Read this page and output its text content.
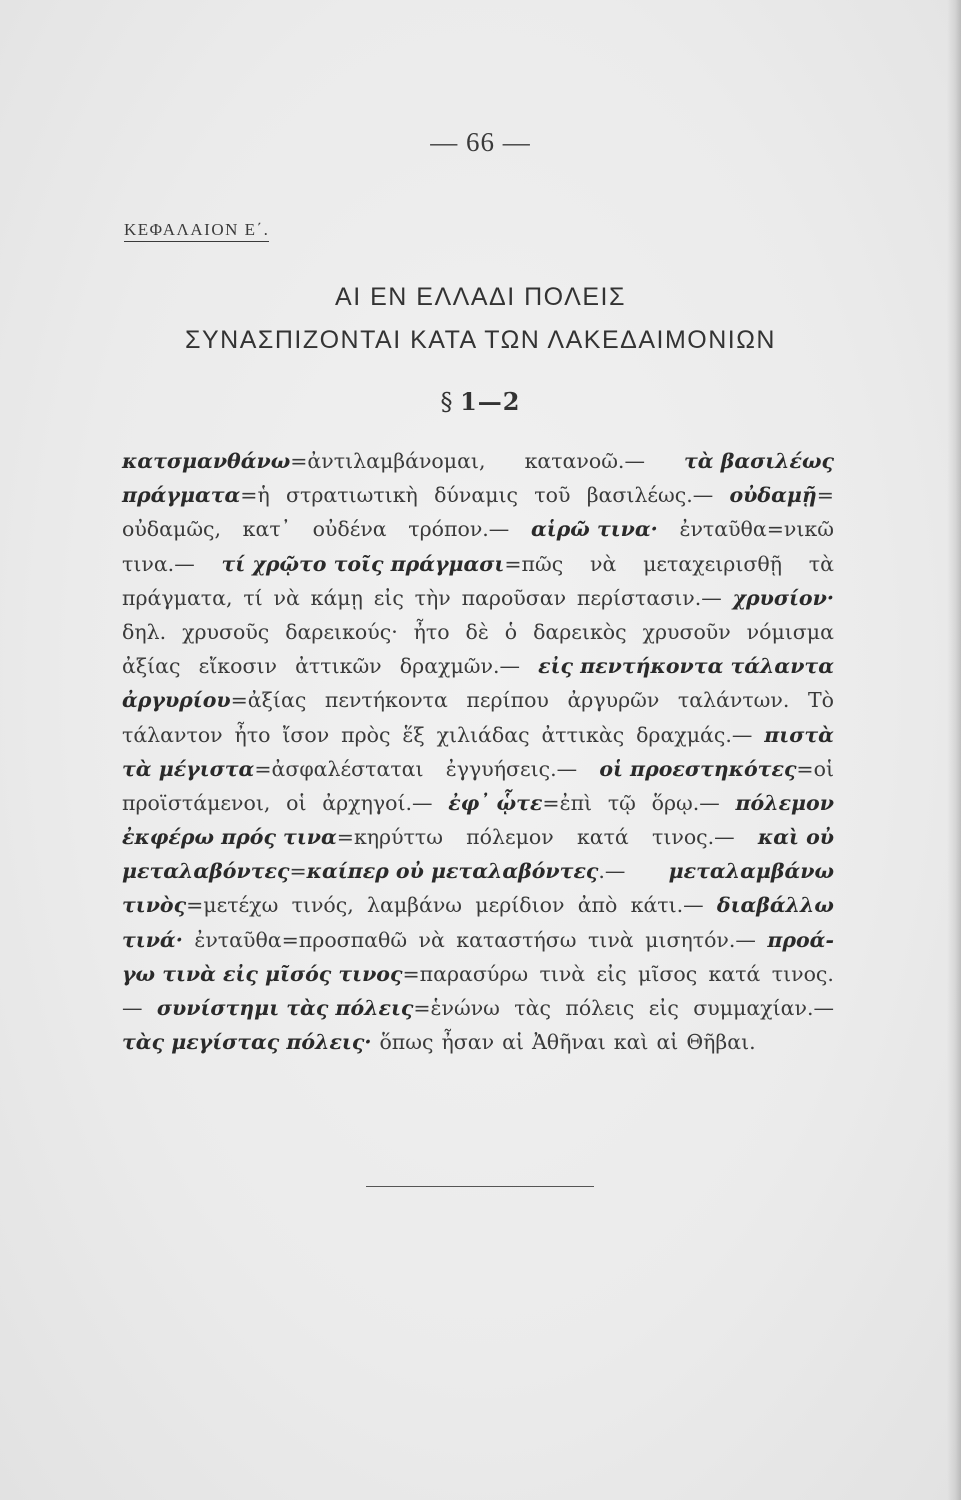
— 66 —
ΚΕΦΑΛΑΙΟΝ Ε΄.
ΑΙ ΕΝ ΕΛΛΑΔΙ ΠΟΛΕΙΣ
ΣΥΝΑΣΠΙΖΟΝΤΑΙ ΚΑΤΑ ΤΩΝ ΛΑΚΕΔΑΙΜΟΝΙΩΝ
§ 1—2
κατσμανθάνω=ἀντιλαμβάνομαι, κατανοῶ.— τὰ βασιλέως
πράγματα=ἡ στρατιωτικὴ δύναμις τοῦ βασιλέως.— οὐδαμῇ=
οὐδαμῶς, κατ᾽ οὐδένα τρόπον.— αἱρῶ τινα· ἐνταῦθα=νικῶ
τινα.— τί χρῷτο τοῖς πράγμασι=πῶς νὰ μεταχειρισθῇ τὰ
πράγματα, τί νὰ κάμῃ εἰς τὴν παροῦσαν περίστασιν.— χρυσίον·
δηλ. χρυσοῦς δαρεικούς· ἦτο δὲ ὁ δαρεικὸς χρυσοῦν νόμισμα
ἀξίας εἴκοσιν ἀττικῶν δραχμῶν.— εἰς πεντήκοντα τάλαντα
ἀργυρίου=ἀξίας πεντήκοντα περίπου ἀργυρῶν ταλάντων. Τὸ
τάλαντον ἦτο ἴσον πρὸς ἕξ χιλιάδας ἀττικὰς δραχμάς.— πιστὰ
τὰ μέγιστα=ἀσφαλέσταται ἐγγυήσεις.— οἱ προεστηκότες=οἱ
προϊστάμενοι, οἱ ἀρχηγοί.— ἐφ᾽ ᾧτε=ἐπὶ τῷ ὅρῳ.— πόλεμον
ἐκφέρω πρός τινα=κηρύττω πόλεμον κατά τινος.— καὶ οὐ
μεταλαβόντες=καίπερ οὐ μεταλαβόντες.— μεταλαμβάνω
τινὸς=μετέχω τινός, λαμβάνω μερίδιον ἀπὸ κάτι.— διαβάλλω
τινά· ἐνταῦθα=προσπαθῶ νὰ καταστήσω τινὰ μισητόν.— προά-
γω τινὰ εἰς μῖσός τινος=παρασύρω τινὰ εἰς μῖσος κατά τινος.
— συνίστημι τὰς πόλεις=ἑνώνω τὰς πόλεις εἰς συμμαχίαν.—
τὰς μεγίστας πόλεις· ὅπως ἦσαν αἱ Ἀθῆναι καὶ αἱ Θῆβαι.
